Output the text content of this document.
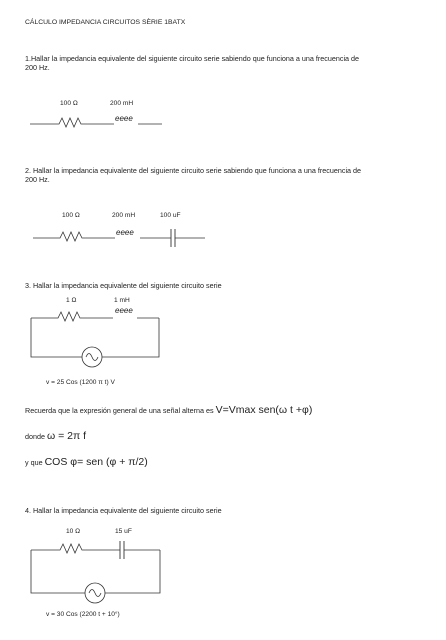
CÁLCULO IMPEDANCIA CIRCUITOS SÈRIE 1BATX
1.Hallar la impedancia equivalente del siguiente circuito serie sabiendo que funciona a una frecuencia de
200 Hz.
100 Ω	200 mH
eeee
2. Hallar la impedancia equivalente del siguiente circuito serie sabiendo que funciona a una frecuencia de
200 Hz.
100 Ω	200 mH	100 uF
eeee
3. Hallar la impedancia equivalente del siguiente circuito serie
1 Ω	1 mH
eeee
v = 25 Cos (1200 π t) V
Recuerda que la expresión general de una señal alterna es V=Vmax sen(ω t +φ)
donde ω = 2π f
y que COS φ= sen (φ + π/2)
4. Hallar la impedancia equivalente del siguiente circuito serie
10 Ω	15 uF
v = 30 Cos (2200 t + 10°)
